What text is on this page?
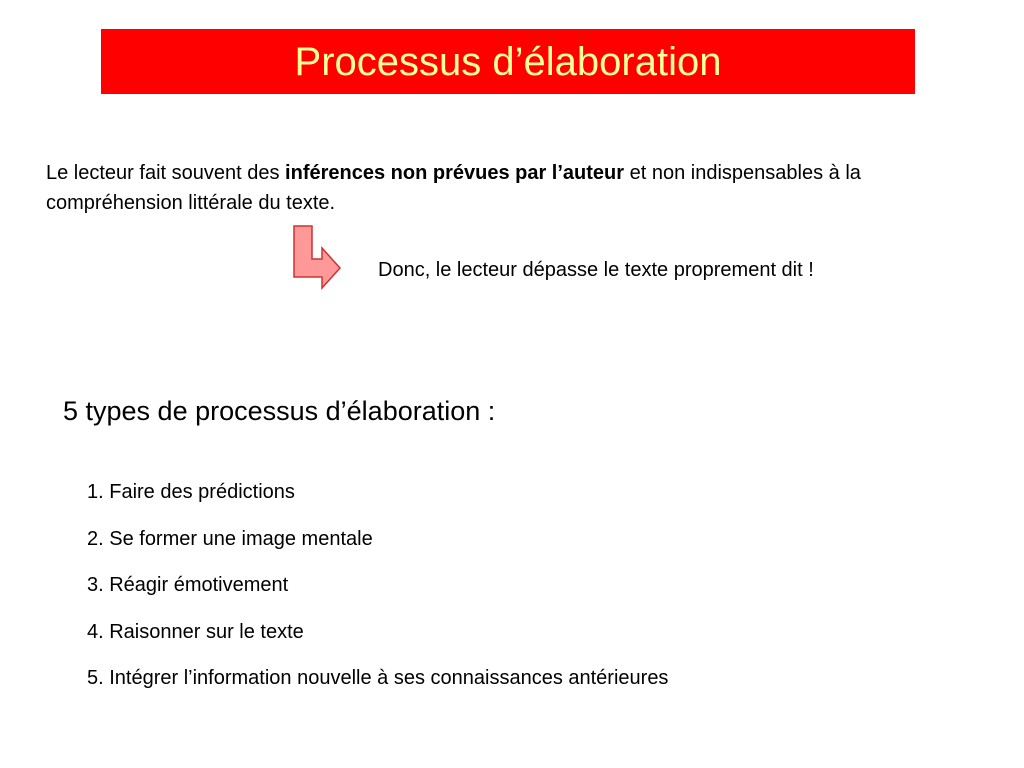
Processus d’élaboration

Le lecteur fait souvent des inférences non prévues par l’auteur et non indispensables à la compréhension littérale du texte.

Donc, le lecteur dépasse le texte proprement dit !
5 types de processus d’élaboration :
1. Faire des prédictions
2. Se former une image mentale
3. Réagir émotivement
4. Raisonner sur le texte
5. Intégrer l’information nouvelle à ses connaissances antérieures
